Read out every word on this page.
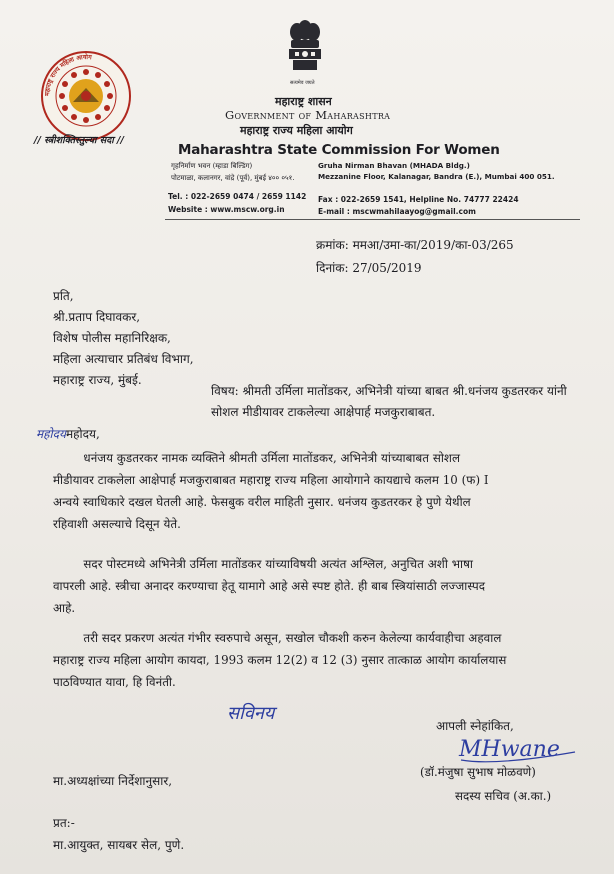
महाराष्ट्र राज्य महिला आयोग
// स्त्रीशक्तिस्तुल्या सदा //
सत्यमेव जयते
महाराष्ट्र शासन
Government of Maharashtra
महाराष्ट्र राज्य महिला आयोग
Maharashtra State Commission For Women
गृहनिर्माण भवन (म्हाडा बिल्डिंग)
पोटमाळा, कलानगर, वांद्रे (पूर्व), मुंबई ४०० ०५१.
Gruha Nirman Bhavan (MHADA Bldg.)
Mezzanine Floor, Kalanagar, Bandra (E.), Mumbai 400 051.
Tel. : 022-2659 0474 / 2659 1142
Website : www.mscw.org.in

Fax : 022-2659 1541, Helpline No. 74777 22424
E-mail : mscwmahilaayog@gmail.com
क्रमांक: ममआ/उमा-का/2019/का-03/265
दिनांक: 27/05/2019
प्रति,
श्री.प्रताप दिघावकर,
विशेष पोलीस महानिरिक्षक,
महिला अत्याचार प्रतिबंध विभाग,
महाराष्ट्र राज्य, मुंबई.
विषय: श्रीमती उर्मिला मातोंडकर, अभिनेत्री यांच्या बाबत श्री.धनंजय कुडतरकर यांनी
सोशल मीडीयावर टाकलेल्या आक्षेपार्ह मजकुराबाबत.
महोदयमहोदय,
धनंजय कुडतरकर नामक व्यक्तिने श्रीमती उर्मिला मातोंडकर, अभिनेत्री यांच्याबाबत सोशल
मीडीयावर टाकलेला आक्षेपार्ह मजकुराबाबत महाराष्ट्र राज्य महिला आयोगाने कायद्याचे कलम 10 (फ) I
अन्वये स्वाधिकारे दखल घेतली आहे. फेसबुक वरील माहिती नुसार. धनंजय कुडतरकर हे पुणे येथील
रहिवाशी असल्याचे दिसून येते.
सदर पोस्टमध्ये अभिनेत्री उर्मिला मातोंडकर यांच्याविषयी अत्यंत अश्लिल, अनुचित अशी भाषा
वापरली आहे. स्त्रीचा अनादर करण्याचा हेतू यामागे आहे असे स्पष्ट होते. ही बाब स्त्रियांसाठी लज्जास्पद
आहे.
तरी सदर प्रकरण अत्यंत गंभीर स्वरुपाचे असून, सखोल चौकशी करुन केलेल्या कार्यवाहीचा अहवाल
महाराष्ट्र राज्य महिला आयोग कायदा, 1993 कलम 12(2) व 12 (3) नुसार तात्काळ आयोग कार्यालयास
पाठविण्यात यावा, हि विनंती.
सविनय
आपली स्नेहांकित,
MHwane
मा.अध्यक्षांच्या निर्देशानुसार,
(डॉ.मंजुषा सुभाष मोळवणे)
सदस्य सचिव (अ.का.)
प्रत:-
मा.आयुक्त, सायबर सेल, पुणे.
